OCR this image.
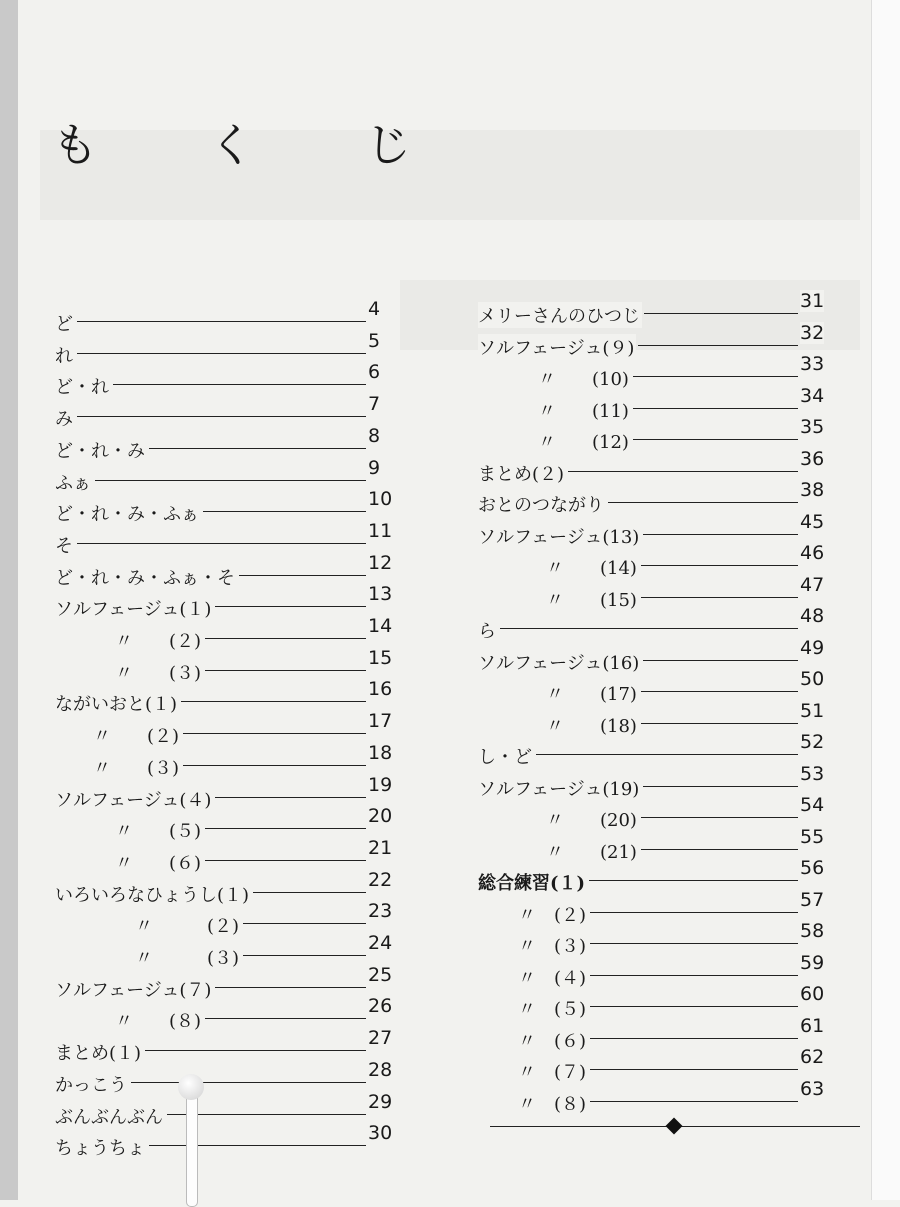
も く じ
ど
4
れ
5
ど・れ
6
み
7
ど・れ・み
8
ふぁ
9
ど・れ・み・ふぁ
10
そ
11
ど・れ・み・ふぁ・そ
12
ソルフェージュ(１)
13
〃　　(２)
14
〃　　(３)
15
ながいおと(１)
16
〃　　(２)
17
〃　　(３)
18
ソルフェージュ(４)
19
〃　　(５)
20
〃　　(６)
21
いろいろなひょうし(１)
22
〃　　　(２)
23
〃　　　(３)
24
ソルフェージュ(７)
25
〃　　(８)
26
まとめ(１)
27
かっこう
28
ぶんぶんぶん
29
ちょうちょ
30
メリーさんのひつじ
31
ソルフェージュ(９)
32
〃　　(10)
33
〃　　(11)
34
〃　　(12)
35
まとめ(２)
36
おとのつながり
38
ソルフェージュ(13)
45
〃　　(14)
46
〃　　(15)
47
ら
48
ソルフェージュ(16)
49
〃　　(17)
50
〃　　(18)
51
し・ど
52
ソルフェージュ(19)
53
〃　　(20)
54
〃　　(21)
55
総合練習(１)
56
〃　(２)
57
〃　(３)
58
〃　(４)
59
〃　(５)
60
〃　(６)
61
〃　(７)
62
〃　(８)
63
